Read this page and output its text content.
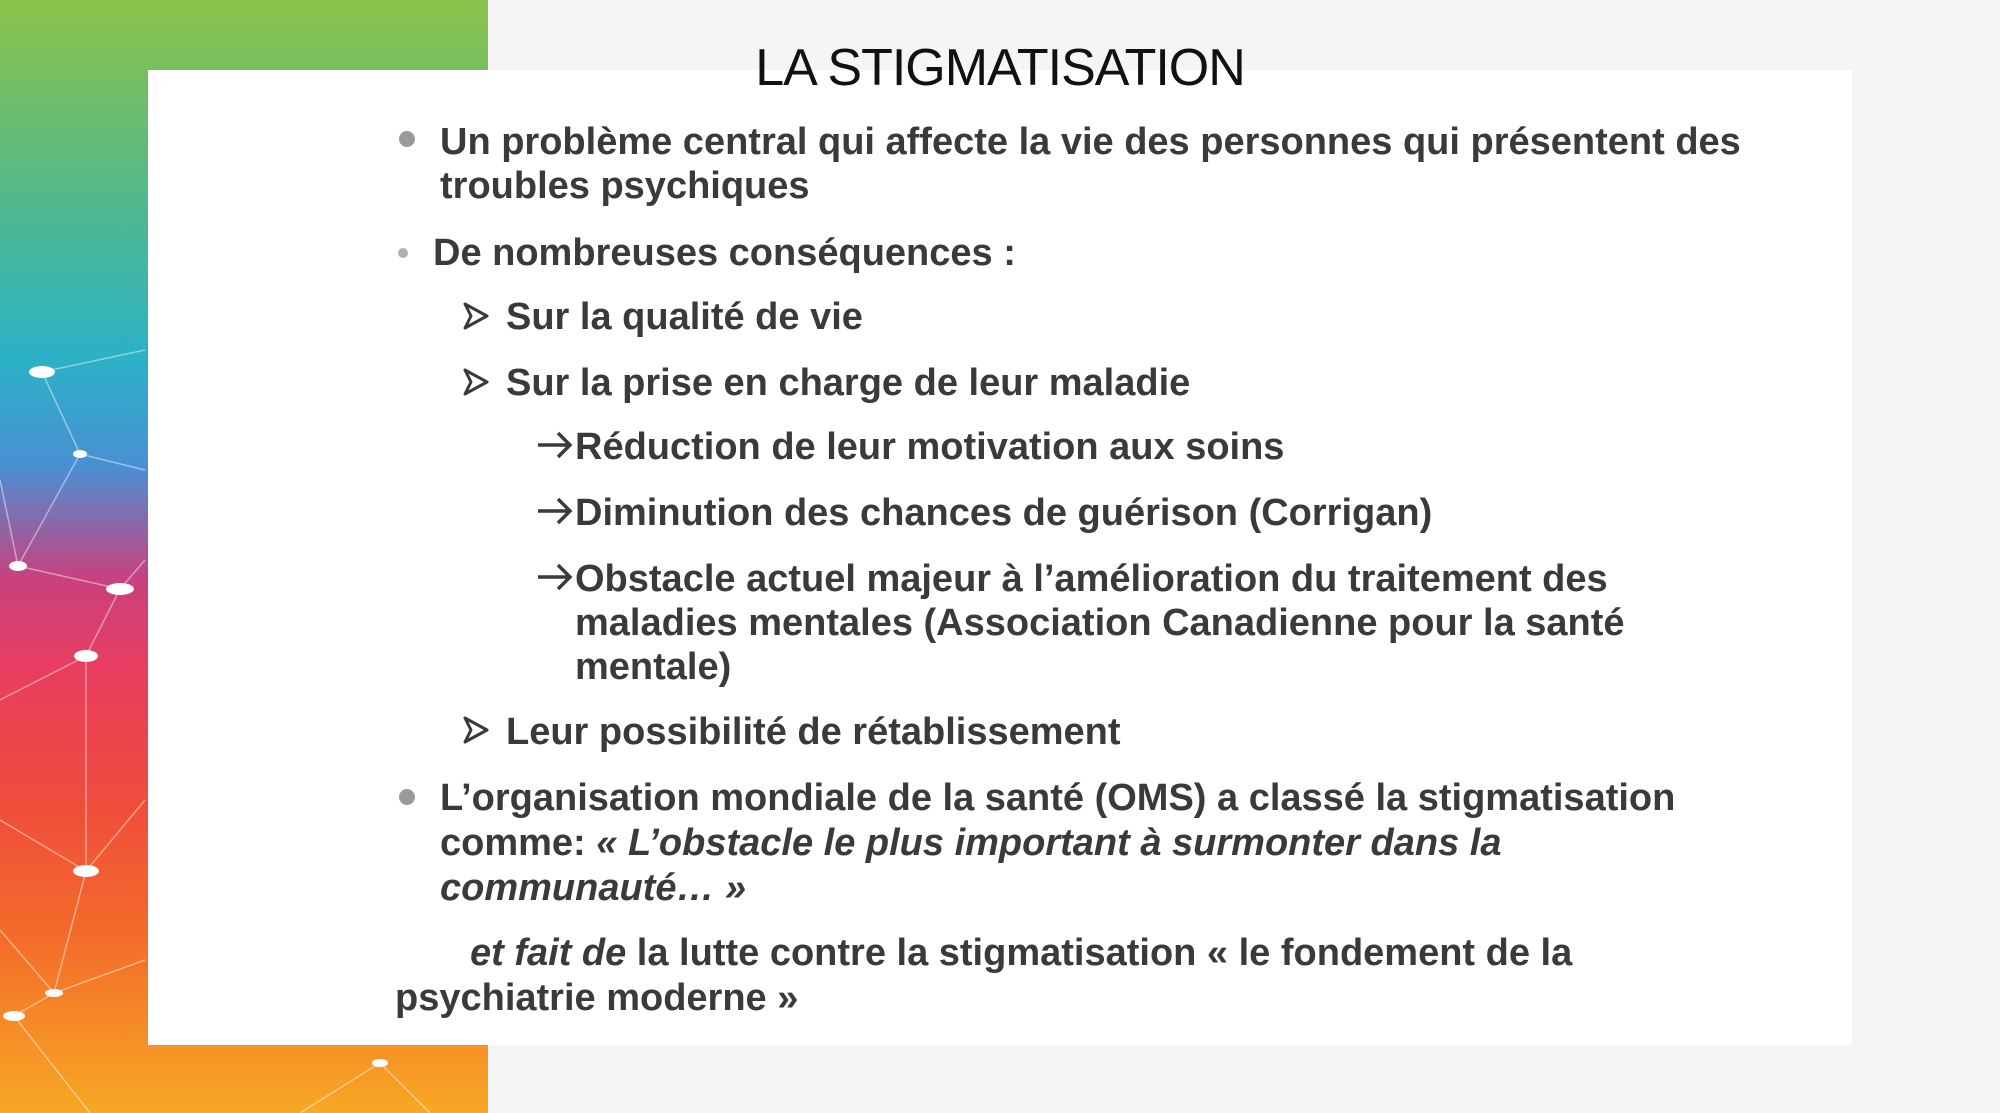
LA STIGMATISATION
Un problème central qui affecte la vie des personnes qui présentent des
troubles psychiques
De nombreuses conséquences :
Sur la qualité de vie
Sur la prise en charge de leur maladie
Réduction de leur motivation aux soins
Diminution des chances de guérison (Corrigan)
Obstacle actuel majeur à l’amélioration du traitement des
maladies mentales (Association Canadienne pour la santé
mentale)
Leur possibilité de rétablissement
L’organisation mondiale de la santé (OMS) a classé la stigmatisation
comme: « L’obstacle le plus important à surmonter dans la
communauté… »
et fait de la lutte contre la stigmatisation « le fondement de la
psychiatrie moderne »
